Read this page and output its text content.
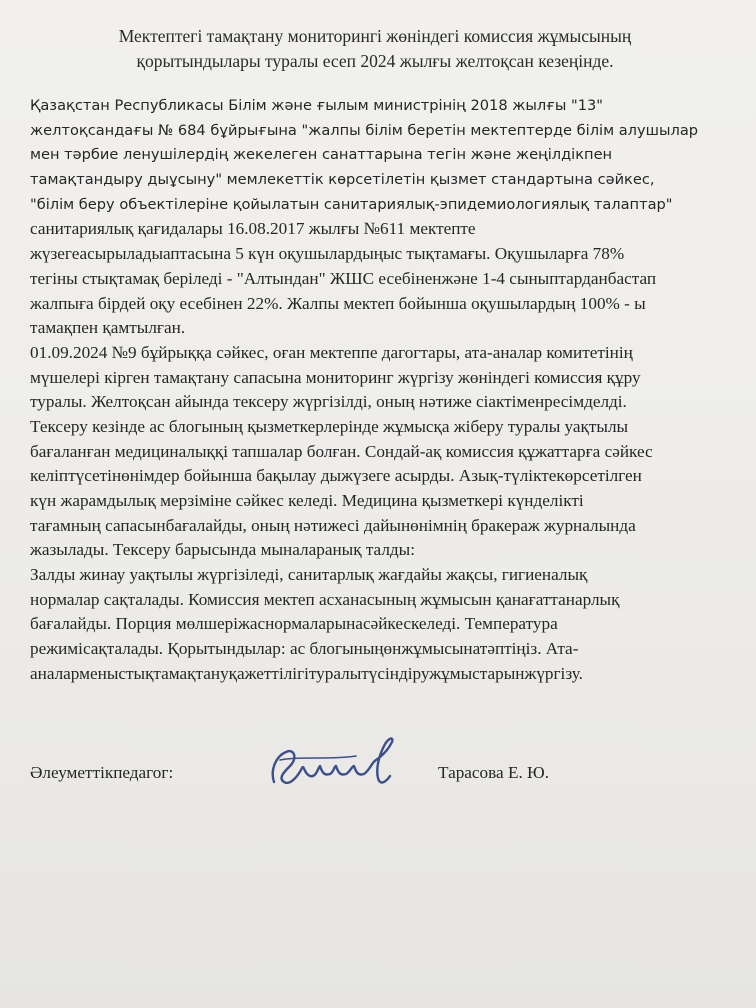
Мектептегі тамақтану мониторингі жөніндегі комиссия жұмысының
қорытындылары туралы есеп 2024 жылғы желтоқсан кезеңінде.
Қазақстан Республикасы Білім және ғылым министрінің 2018 жылғы "13"
желтоқсандағы № 684 бұйрығына "жалпы білім беретін мектептерде білім алушылар
мен тәрбие ленушілердің жекелеген санаттарына тегін және жеңілдікпен
тамақтандыру дыұсыну" мемлекеттік көрсетілетін қызмет стандартына сәйкес,
"білім беру объектілеріне қойылатын санитариялық-эпидемиологиялық талаптар"
санитариялық қағидалары 16.08.2017 жылғы №611 мектепте
жүзегеасырыладыаптасына 5 күн оқушылардыңыс тықтамағы. Оқушыларға 78%
тегіны стықтамақ беріледі - "Алтындан" ЖШС есебіненжәне 1-4 сыныптарданбастап
жалпыға бірдей оқу есебінен 22%. Жалпы мектеп бойынша оқушылардың 100% - ы
тамақпен қамтылған.
01.09.2024 №9 бұйрыққа сәйкес, оған мектеппе дагогтары, ата-аналар комитетінің
мүшелері кірген тамақтану сапасына мониторинг жүргізу жөніндегі комиссия құру
туралы. Желтоқсан айында тексеру жүргізілді, оның нәтиже сіактіменресімделді.
Тексеру кезінде ас блогының қызметкерлерінде жұмысқа жіберу туралы уақтылы
бағаланған медициналыққі тапшалар болған. Сондай-ақ комиссия құжаттарға сәйкес
келіптүсетінөнімдер бойынша бақылау дыжүзеге асырды. Азық-түліктекөрсетілген
күн жарамдылық мерзіміне сәйкес келеді. Медицина қызметкері күнделікті
тағамның сапасынбағалайды, оның нәтижесі дайынөнімнің бракераж журналында
жазылады. Тексеру барысында мыналаранық талды:
Залды жинау уақтылы жүргізіледі, санитарлық жағдайы жақсы, гигиеналық
нормалар сақталады. Комиссия мектеп асханасының жұмысын қанағаттанарлық
бағалайды. Порция мөлшеріжаснормаларынасәйкескеледі. Температура
режимісақталады. Қорытындылар: ас блогыныңөнжұмысынатәптіңіз. Ата-
аналарменыстықтамақтануқажеттілігітуралытүсіндіружұмыстарынжүргізу.
Әлеуметтікпедагог:	Тарасова Е. Ю.
